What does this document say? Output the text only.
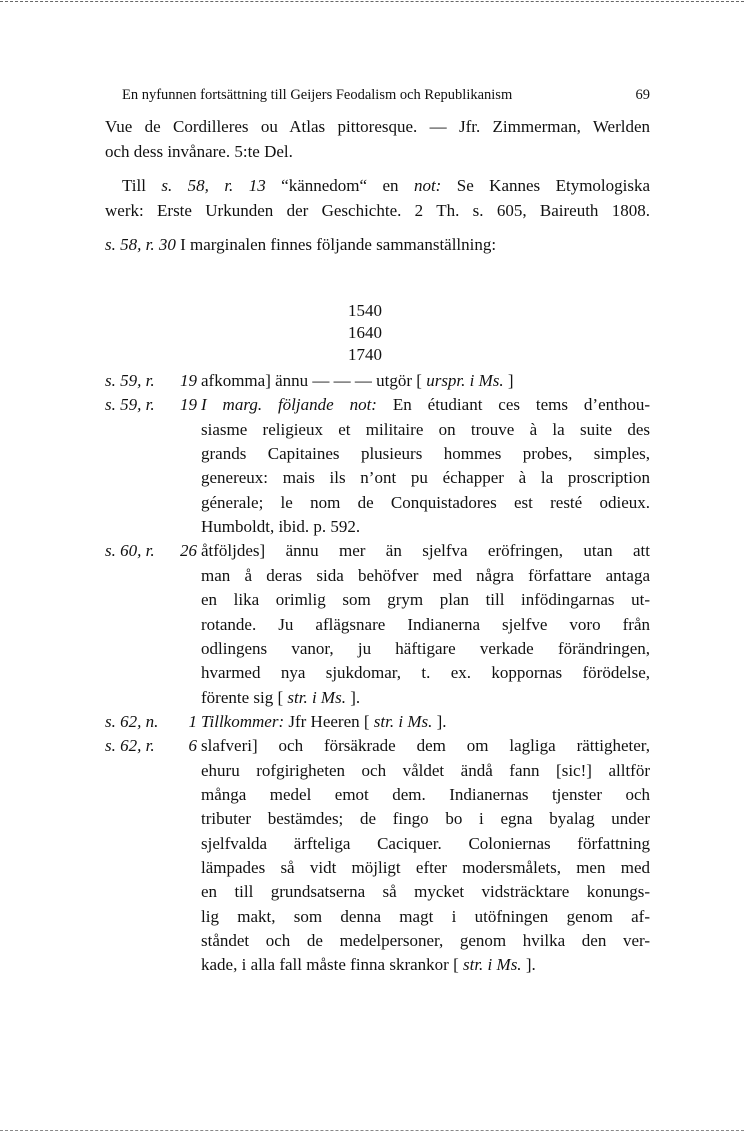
En nyfunnen fortsättning till Geijers Feodalism och Republikanism	69
Vue de Cordilleres ou Atlas pittoresque. — Jfr. Zimmerman, Werlden
och dess invånare. 5:te Del.
Till s. 58, r. 13 “kännedom“ en not: Se Kannes Etymologiska
werk: Erste Urkunden der Geschichte. 2 Th. s. 605, Baireuth 1808.
s. 58, r. 30 I marginalen finnes följande sammanställning:
1540
1640
1740
s. 59, r. 19 afkomma] ännu — — — utgör [ urspr. i Ms. ]
s. 59, r. 19 I marg. följande not: En étudiant ces tems d’enthou-
siasme religieux et militaire on trouve à la suite des
grands Capitaines plusieurs hommes probes, simples,
genereux: mais ils n’ont pu échapper à la proscription
génerale; le nom de Conquistadores est resté odieux.
Humboldt, ibid. p. 592.
s. 60, r. 26 åtföljdes] ännu mer än sjelfva eröfringen, utan att
man å deras sida behöfver med några författare antaga
en lika orimlig som grym plan till infödingarnas ut-
rotande. Ju aflägsnare Indianerna sjelfve voro från
odlingens vanor, ju häftigare verkade förändringen,
hvarmed nya sjukdomar, t. ex. koppornas förödelse,
förente sig [ str. i Ms. ].
s. 62, n. 1 Tillkommer: Jfr Heeren [ str. i Ms. ].
s. 62, r. 6 slafveri] och försäkrade dem om lagliga rättigheter,
ehuru rofgirigheten och våldet ändå fann [sic!] alltför
många medel emot dem. Indianernas tjenster och
tributer bestämdes; de fingo bo i egna byalag under
sjelfvalda ärfteliga Caciquer. Coloniernas författning
lämpades så vidt möjligt efter modersmålets, men med
en till grundsatserna så mycket vidsträcktare konungs-
lig makt, som denna magt i utöfningen genom af-
ståndet och de medelpersoner, genom hvilka den ver-
kade, i alla fall måste finna skrankor [ str. i Ms. ].
